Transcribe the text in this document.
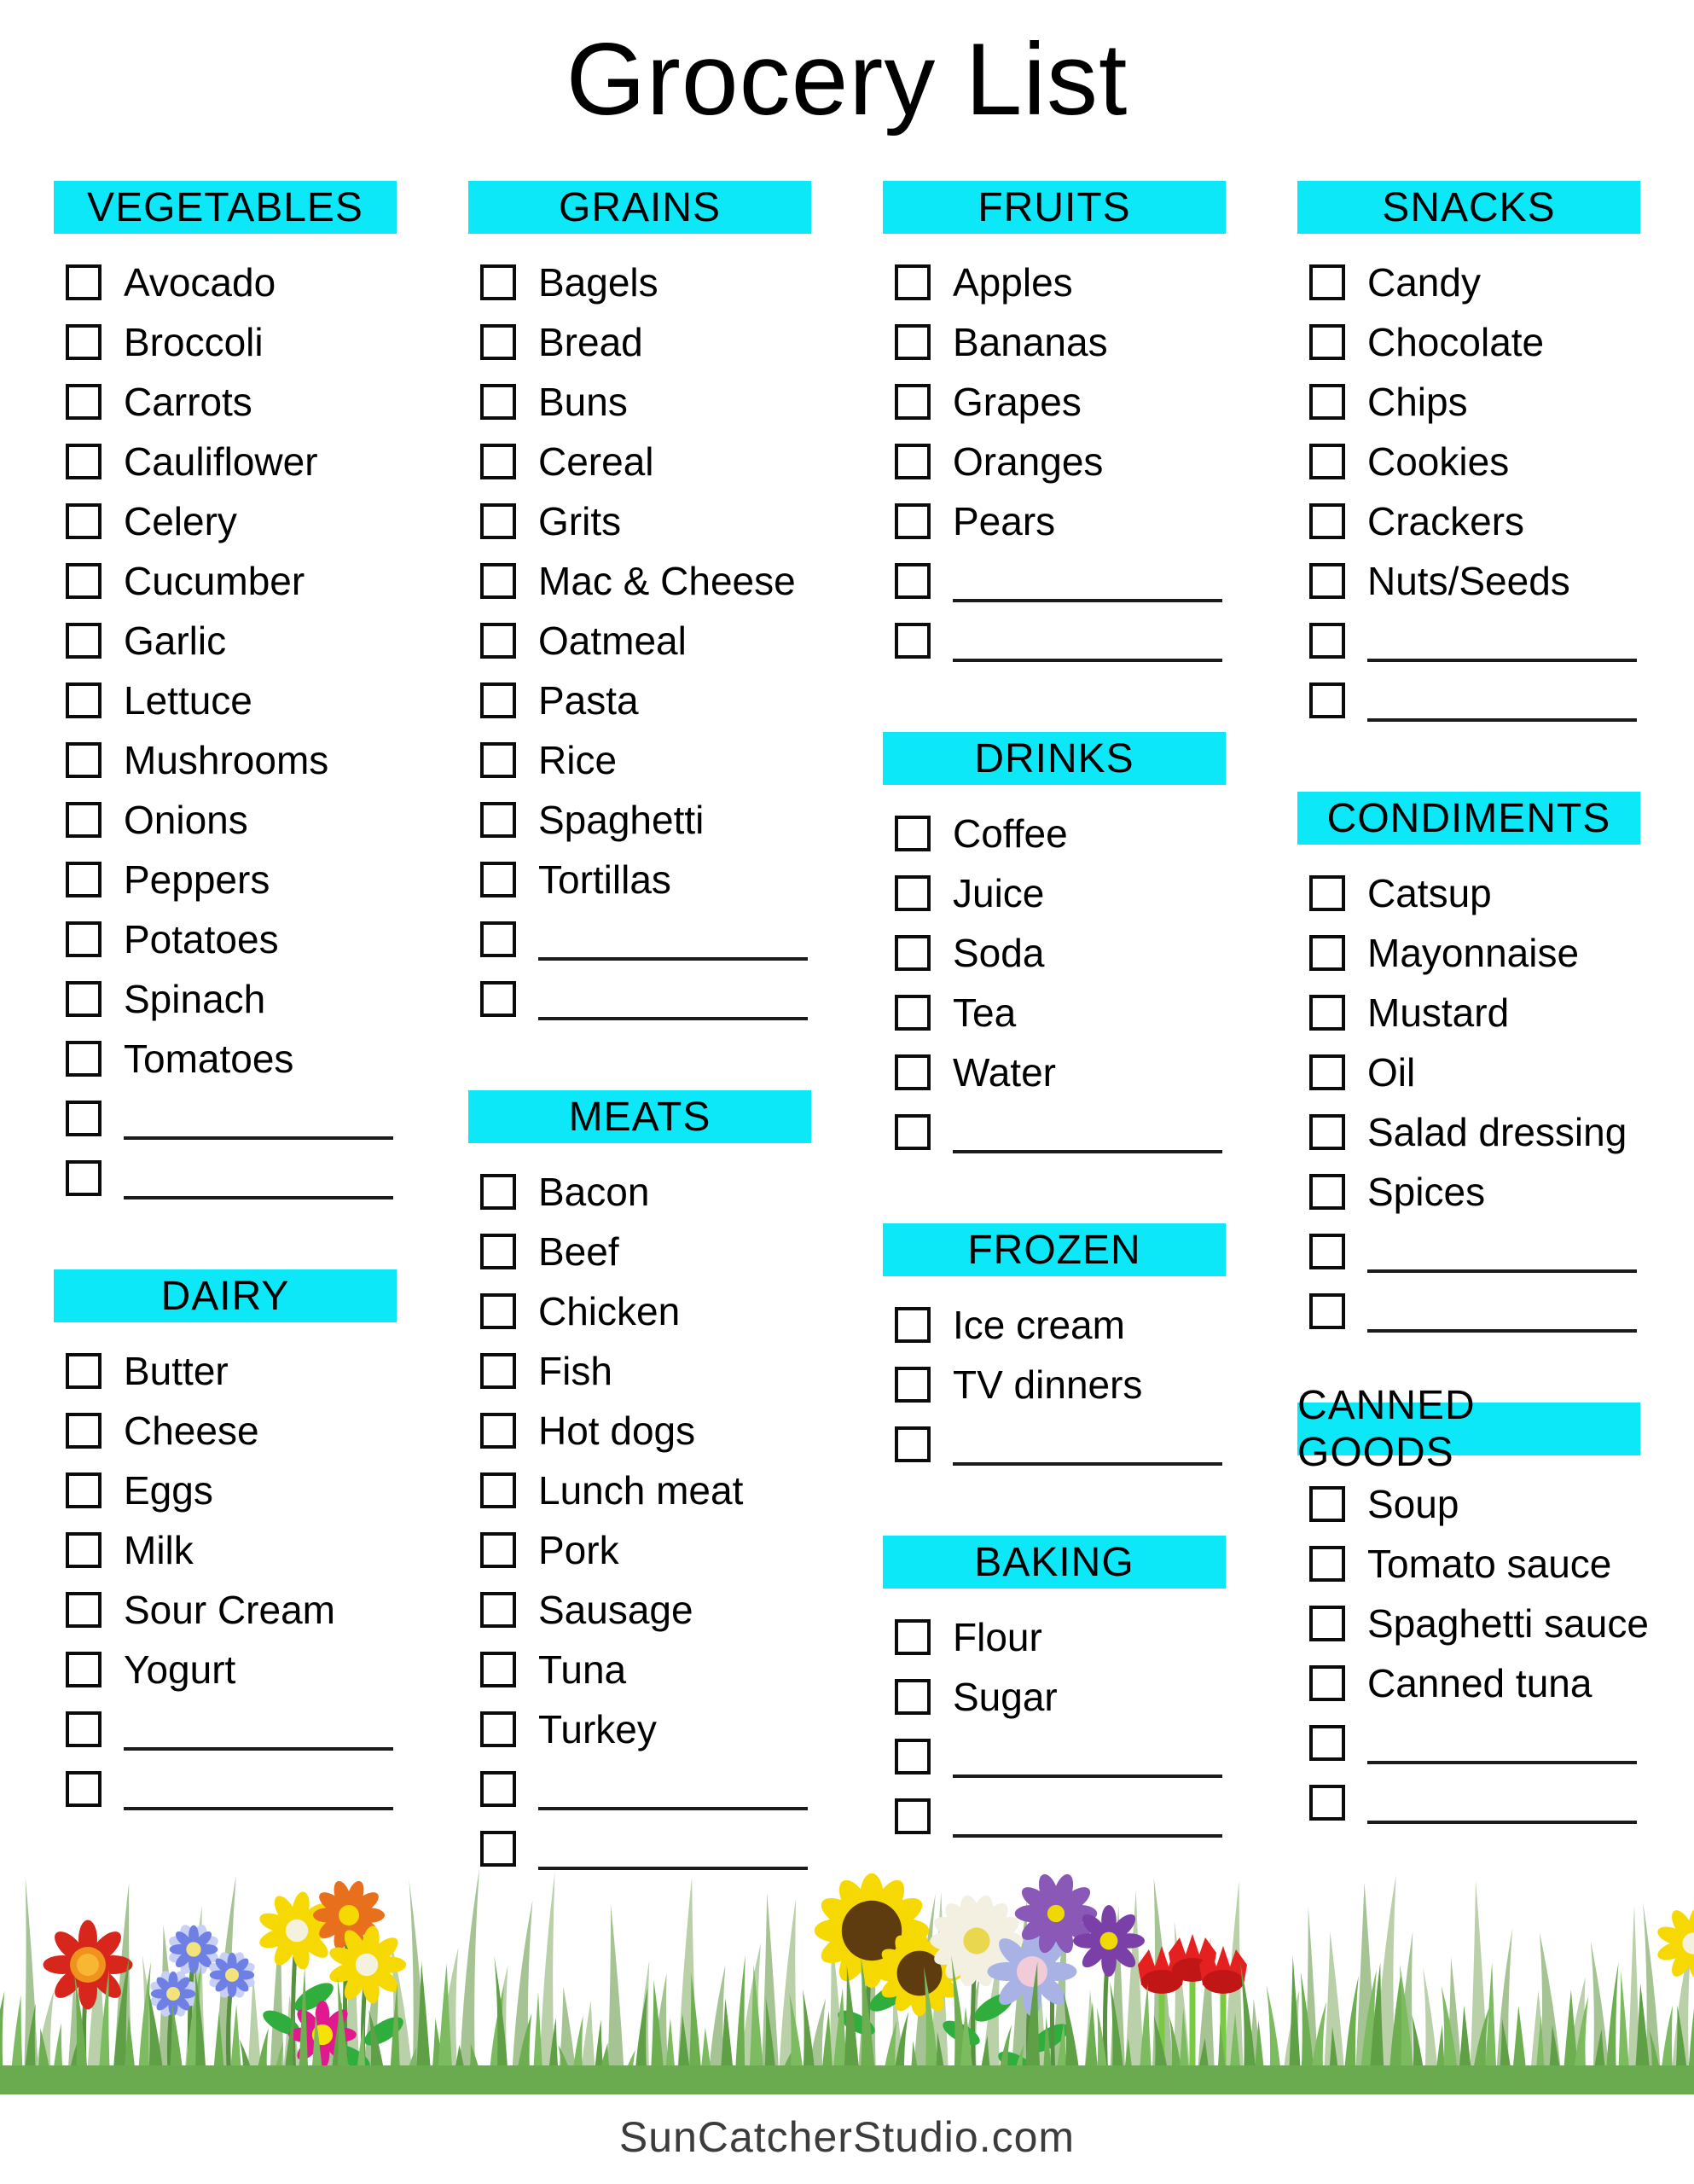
Grocery List
VEGETABLES
Avocado
Broccoli
Carrots
Cauliflower
Celery
Cucumber
Garlic
Lettuce
Mushrooms
Onions
Peppers
Potatoes
Spinach
Tomatoes
DAIRY
Butter
Cheese
Eggs
Milk
Sour Cream
Yogurt
GRAINS
Bagels
Bread
Buns
Cereal
Grits
Mac & Cheese
Oatmeal
Pasta
Rice
Spaghetti
Tortillas
MEATS
Bacon
Beef
Chicken
Fish
Hot dogs
Lunch meat
Pork
Sausage
Tuna
Turkey
FRUITS
Apples
Bananas
Grapes
Oranges
Pears
DRINKS
Coffee
Juice
Soda
Tea
Water
FROZEN
Ice cream
TV dinners
BAKING
Flour
Sugar
SNACKS
Candy
Chocolate
Chips
Cookies
Crackers
Nuts/Seeds
CONDIMENTS
Catsup
Mayonnaise
Mustard
Oil
Salad dressing
Spices
CANNED GOODS
Soup
Tomato sauce
Spaghetti sauce
Canned tuna
SunCatcherStudio.com
